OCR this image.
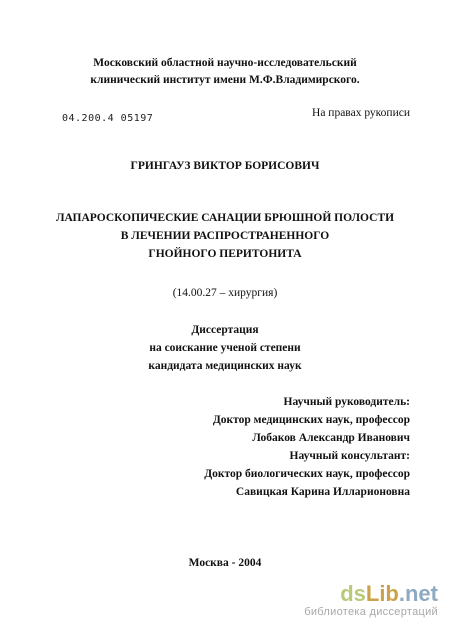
Московский областной научно-исследовательский
клинический институт имени М.Ф.Владимирского.
На правах рукописи
04.200.4 05197
ГРИНГАУЗ ВИКТОР БОРИСОВИЧ
ЛАПАРОСКОПИЧЕСКИЕ САНАЦИИ БРЮШНОЙ ПОЛОСТИ
В ЛЕЧЕНИИ РАСПРОСТРАНЕННОГО
ГНОЙНОГО ПЕРИТОНИТА
(14.00.27 – хирургия)
Диссертация
на соискание ученой степени
кандидата медицинских наук
Научный руководитель:
Доктор медицинских наук, профессор
Лобаков Александр Иванович
Научный консультант:
Доктор биологических наук, профессор
Савицкая Карина Илларионовна
Москва - 2004
dsLib.net
библиотека диссертаций
